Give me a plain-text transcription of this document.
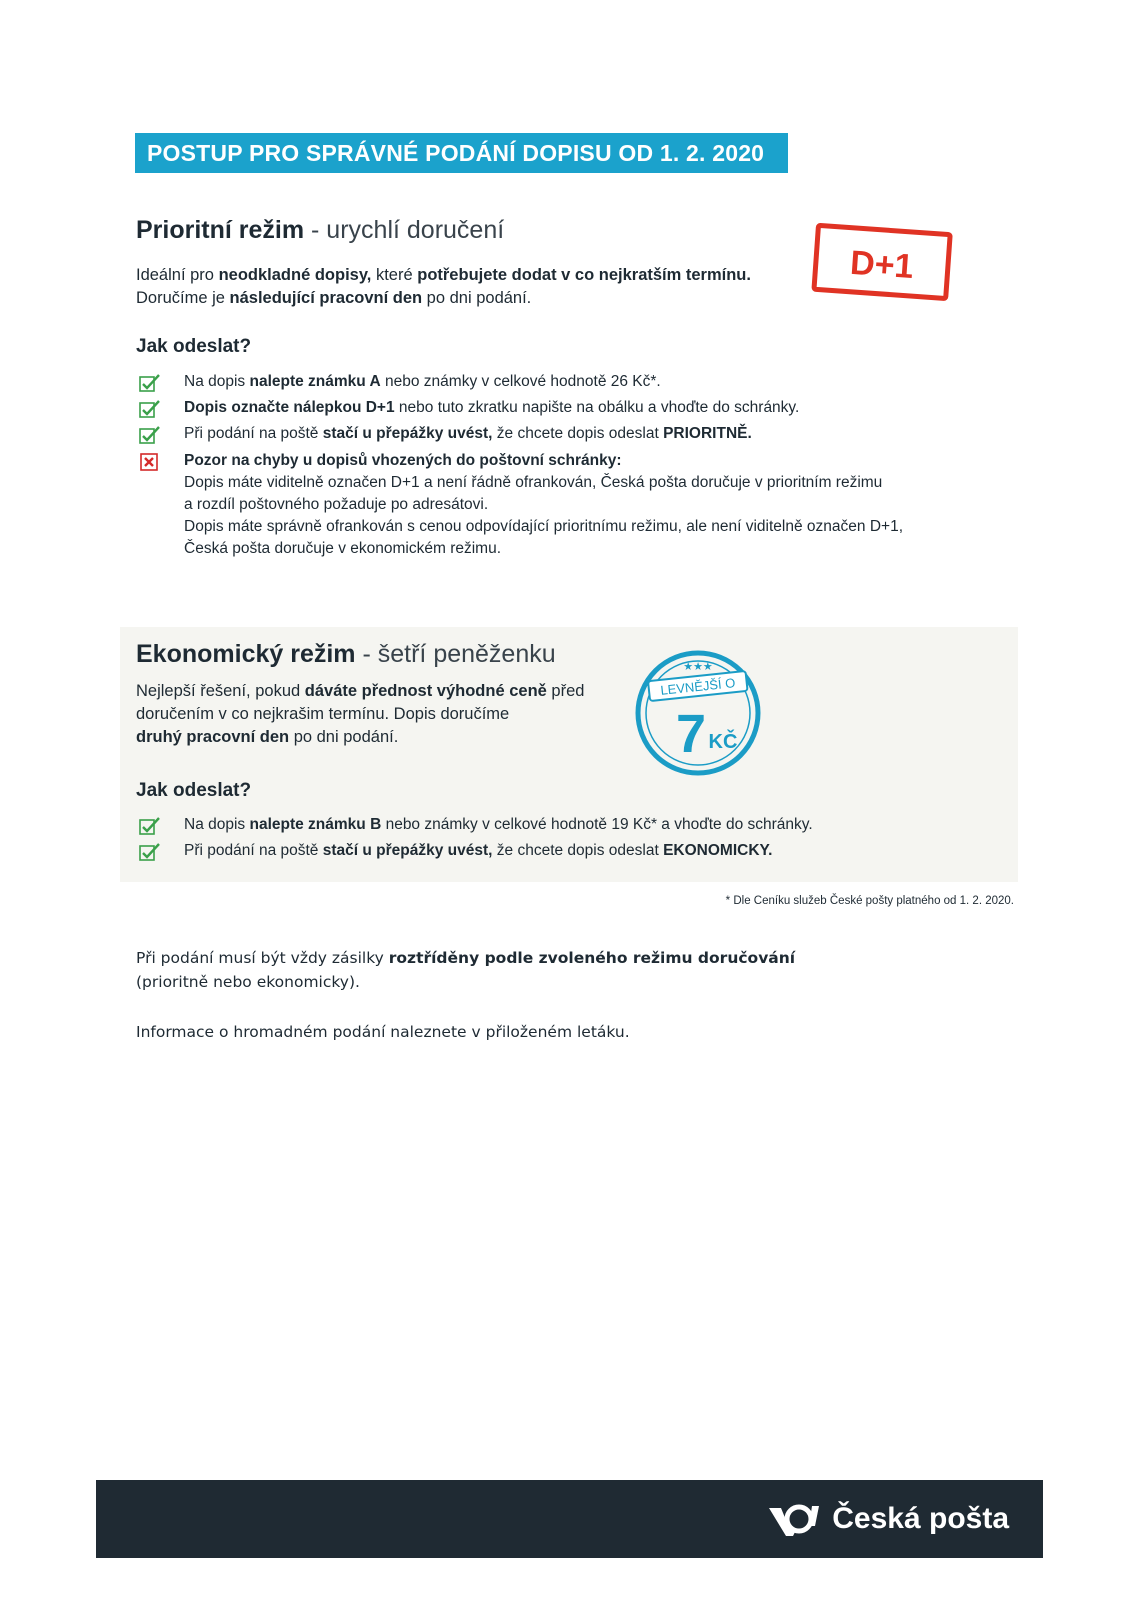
POSTUP PRO SPRÁVNÉ PODÁNÍ DOPISU OD 1. 2. 2020
Prioritní režim - urychlí doručení
Ideální pro neodkladné dopisy, které potřebujete dodat v co nejkratším termínu.
Doručíme je následující pracovní den po dni podání.
D+1
Jak odeslat?
Na dopis nalepte známku A nebo známky v celkové hodnotě 26 Kč*.
Dopis označte nálepkou D+1 nebo tuto zkratku napište na obálku a vhoďte do schránky.
Při podání na poště stačí u přepážky uvést, že chcete dopis odeslat PRIORITNĚ.
Pozor na chyby u dopisů vhozených do poštovní schránky:
Dopis máte viditelně označen D+1 a není řádně ofrankován, Česká pošta doručuje v prioritním režimu
a rozdíl poštovného požaduje po adresátovi.
Dopis máte správně ofrankován s cenou odpovídající prioritnímu režimu, ale není viditelně označen D+1,
Česká pošta doručuje v ekonomickém režimu.
Ekonomický režim - šetří peněženku
Nejlepší řešení, pokud dáváte přednost výhodné ceně před
doručením v co nejkrašim termínu. Dopis doručíme
druhý pracovní den po dni podání.
★★★
LEVNĚJŠÍ O
7 KČ
Jak odeslat?
Na dopis nalepte známku B nebo známky v celkové hodnotě 19 Kč* a vhoďte do schránky.
Při podání na poště stačí u přepážky uvést, že chcete dopis odeslat EKONOMICKY.
* Dle Ceníku služeb České pošty platného od 1. 2. 2020.
Při podání musí být vždy zásilky roztříděny podle zvoleného režimu doručování
(prioritně nebo ekonomicky).
Informace o hromadném podání naleznete v přiloženém letáku.
Česká pošta
